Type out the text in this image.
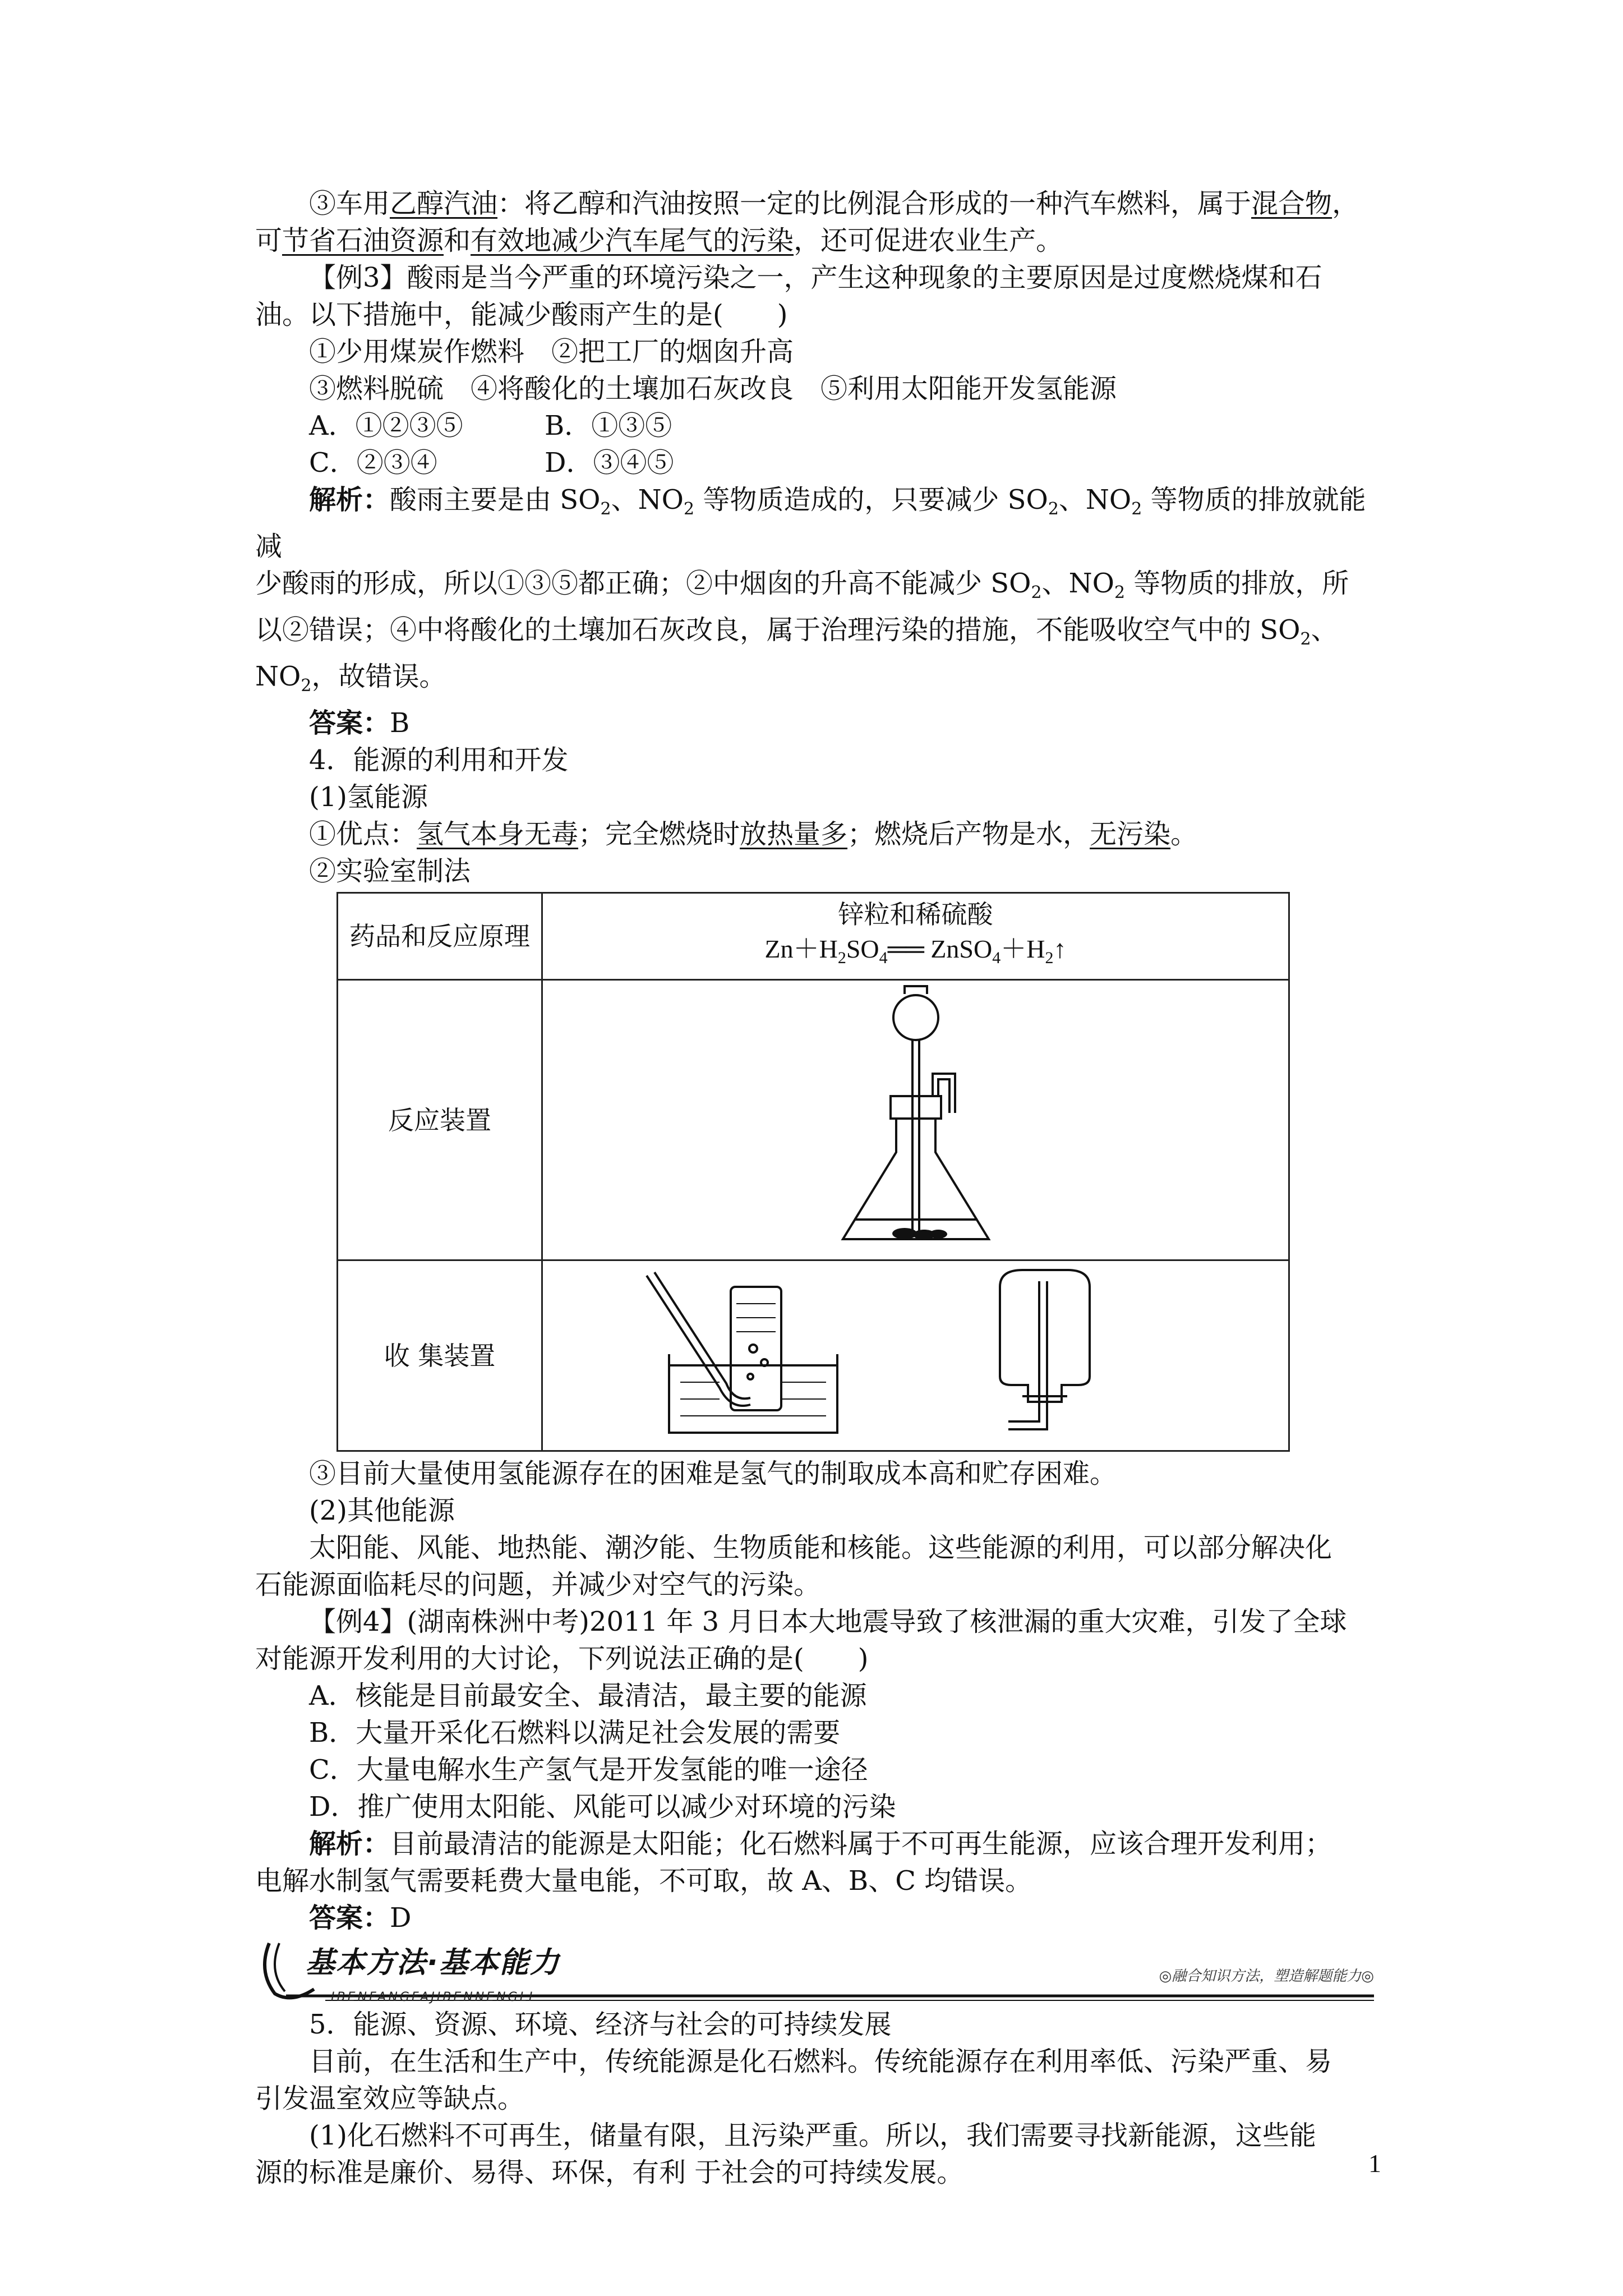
③车用乙醇汽油：将乙醇和汽油按照一定的比例混合形成的一种汽车燃料，属于混合物，

可节省石油资源和有效地减少汽车尾气的污染，还可促进农业生产。

【例3】酸雨是当今严重的环境污染之一，产生这种现象的主要原因是过度燃烧煤和石

油。以下措施中，能减少酸雨产生的是(　　)

①少用煤炭作燃料　②把工厂的烟囱升高

③燃料脱硫　④将酸化的土壤加石灰改良　⑤利用太阳能开发氢能源

A．①②③⑤	B．①③⑤
C．②③④	D．③④⑤

解析：酸雨主要是由 $SO_2$、$NO_2$ 等物质造成的，只要减少 $SO_2$、$NO_2$ 等物质的排放就能减

少酸雨的形成，所以①③⑤都正确；②中烟囱的升高不能减少 $SO_2$、$NO_2$ 等物质的排放，所

以②错误；④中将酸化的土壤加石灰改良，属于治理污染的措施，不能吸收空气中的 $SO_2$、

$NO_2$，故错误。

答案：B

4．能源的利用和开发

(1)氢能源

①优点：氢气本身无毒；完全燃烧时放热量多；燃烧后产物是水，无污染。

②实验室制法

药品和反应原理	锌粒和稀硫酸
$Zn+H_2SO_4══$ $ZnSO_4+H_2↑$

反应装置	
收 集装置	

③目前大量使用氢能源存在的困难是氢气的制取成本高和贮存困难。

(2)其他能源

太阳能、风能、地热能、潮汐能、生物质能和核能。这些能源的利用，可以部分解决化

石能源面临耗尽的问题，并减少对空气的污染。

【例4】(湖南株洲中考)2011 年 3 月日本大地震导致了核泄漏的重大灾难，引发了全球

对能源开发利用的大讨论，下列说法正确的是(　　)

A．核能是目前最安全、最清洁，最主要的能源

B．大量开采化石燃料以满足社会发展的需要

C．大量电解水生产氢气是开发氢能的唯一途径

D．推广使用太阳能、风能可以减少对环境的污染

解析：目前最清洁的能源是太阳能；化石燃料属于不可再生能源，应该合理开发利用；

电解水制氢气需要耗费大量电能，不可取，故 A、B、C 均错误。

答案：D

基本方法·基本能力
IBENFANGFAJIBENNENGLI
◎融合知识方法，塑造解题能力◎

5．能源、资源、环境、经济与社会的可持续发展

目前，在生活和生产中，传统能源是化石燃料。传统能源存在利用率低、污染严重、易

引发温室效应等缺点。

(1)化石燃料不可再生，储量有限，且污染严重。所以，我们需要寻找新能源，这些能

源的标准是廉价、易得、环保，有利 于社会的可持续发展。	1
